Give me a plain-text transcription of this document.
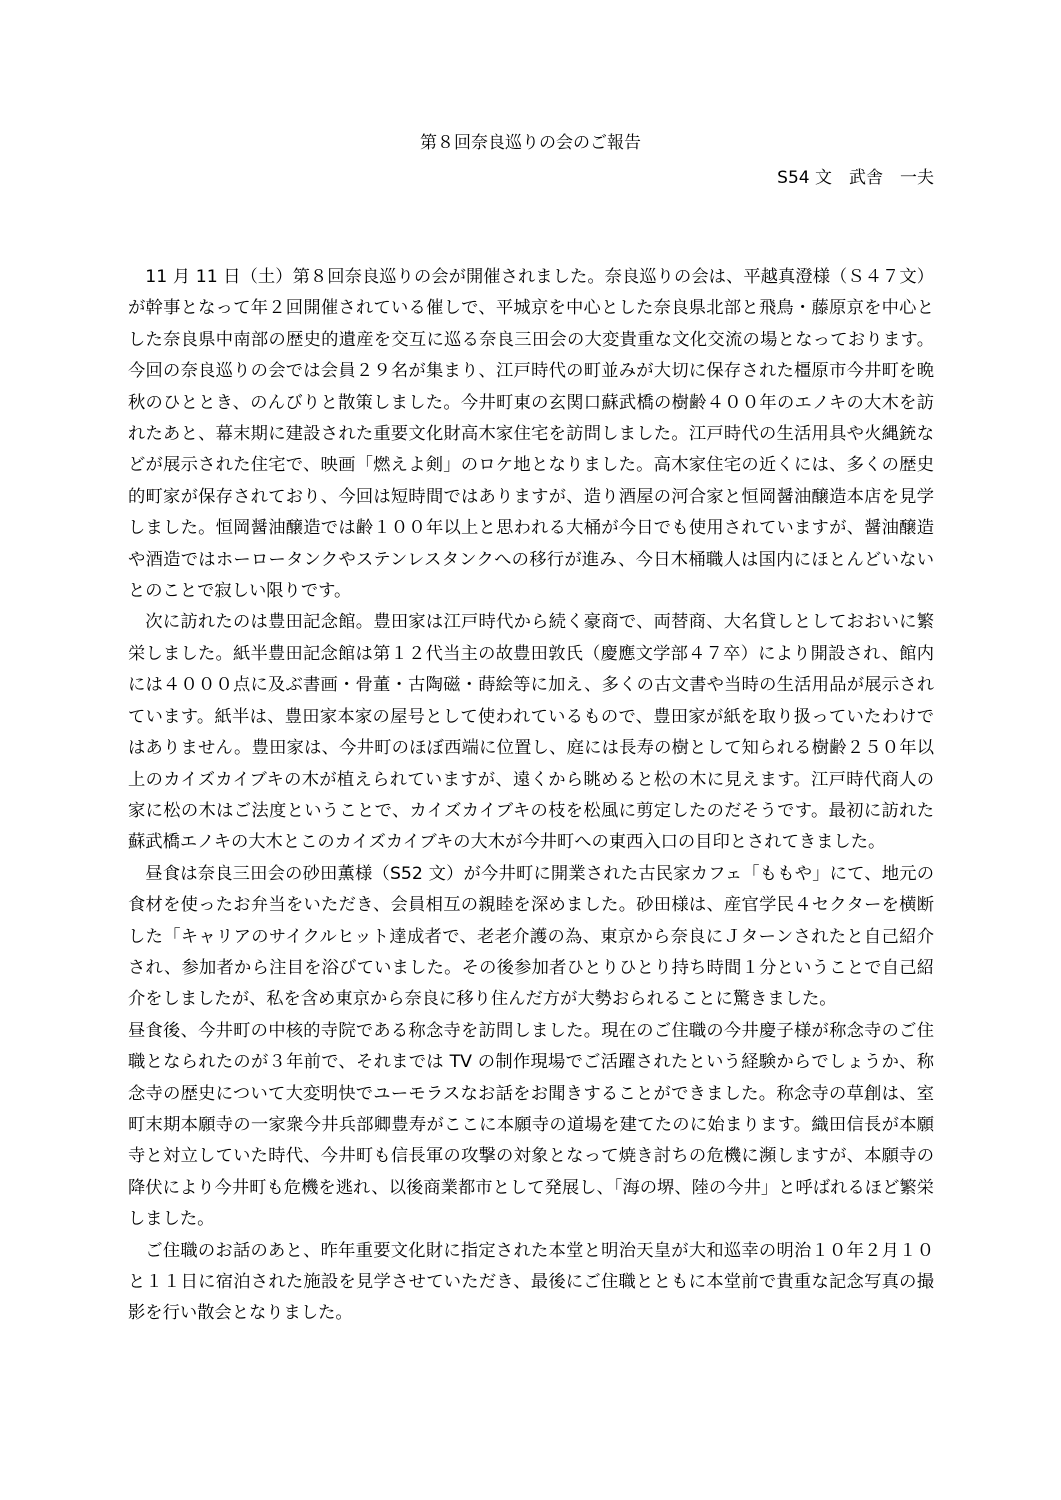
第８回奈良巡りの会のご報告
S54 文　武舎　一夫

11 月 11 日（土）第８回奈良巡りの会が開催されました。奈良巡りの会は、平越真澄様（Ｓ４７文）が幹事となって年２回開催されている催しで、平城京を中心とした奈良県北部と飛鳥・藤原京を中心とした奈良県中南部の歴史的遺産を交互に巡る奈良三田会の大変貴重な文化交流の場となっております。今回の奈良巡りの会では会員２９名が集まり、江戸時代の町並みが大切に保存された橿原市今井町を晩秋のひととき、のんびりと散策しました。今井町東の玄関口蘇武橋の樹齢４００年のエノキの大木を訪れたあと、幕末期に建設された重要文化財高木家住宅を訪問しました。江戸時代の生活用具や火縄銃などが展示された住宅で、映画「燃えよ剣」のロケ地となりました。高木家住宅の近くには、多くの歴史的町家が保存されており、今回は短時間ではありますが、造り酒屋の河合家と恒岡醤油醸造本店を見学しました。恒岡醤油醸造では齢１００年以上と思われる大桶が今日でも使用されていますが、醤油醸造や酒造ではホーロータンクやステンレスタンクへの移行が進み、今日木桶職人は国内にほとんどいないとのことで寂しい限りです。

次に訪れたのは豊田記念館。豊田家は江戸時代から続く豪商で、両替商、大名貸しとしておおいに繁栄しました。紙半豊田記念館は第１２代当主の故豊田敦氏（慶應文学部４７卒）により開設され、館内には４０００点に及ぶ書画・骨董・古陶磁・蒔絵等に加え、多くの古文書や当時の生活用品が展示されています。紙半は、豊田家本家の屋号として使われているもので、豊田家が紙を取り扱っていたわけではありません。豊田家は、今井町のほぼ西端に位置し、庭には長寿の樹として知られる樹齢２５０年以上のカイズカイブキの木が植えられていますが、遠くから眺めると松の木に見えます。江戸時代商人の家に松の木はご法度ということで、カイズカイブキの枝を松風に剪定したのだそうです。最初に訪れた蘇武橋エノキの大木とこのカイズカイブキの大木が今井町への東西入口の目印とされてきました。

昼食は奈良三田会の砂田薫様（S52 文）が今井町に開業された古民家カフェ「ももや」にて、地元の食材を使ったお弁当をいただき、会員相互の親睦を深めました。砂田様は、産官学民４セクターを横断した「キャリアのサイクルヒット達成者で、老老介護の為、東京から奈良にＪターンされたと自己紹介され、参加者から注目を浴びていました。その後参加者ひとりひとり持ち時間１分ということで自己紹介をしましたが、私を含め東京から奈良に移り住んだ方が大勢おられることに驚きました。

昼食後、今井町の中核的寺院である称念寺を訪問しました。現在のご住職の今井慶子様が称念寺のご住職となられたのが３年前で、それまでは TV の制作現場でご活躍されたという経験からでしょうか、称念寺の歴史について大変明快でユーモラスなお話をお聞きすることができました。称念寺の草創は、室町末期本願寺の一家衆今井兵部卿豊寿がここに本願寺の道場を建てたのに始まります。織田信長が本願寺と対立していた時代、今井町も信長軍の攻撃の対象となって焼き討ちの危機に瀕しますが、本願寺の降伏により今井町も危機を逃れ、以後商業都市として発展し、「海の堺、陸の今井」と呼ばれるほど繁栄しました。

ご住職のお話のあと、昨年重要文化財に指定された本堂と明治天皇が大和巡幸の明治１０年２月１０と１１日に宿泊された施設を見学させていただき、最後にご住職とともに本堂前で貴重な記念写真の撮影を行い散会となりました。
